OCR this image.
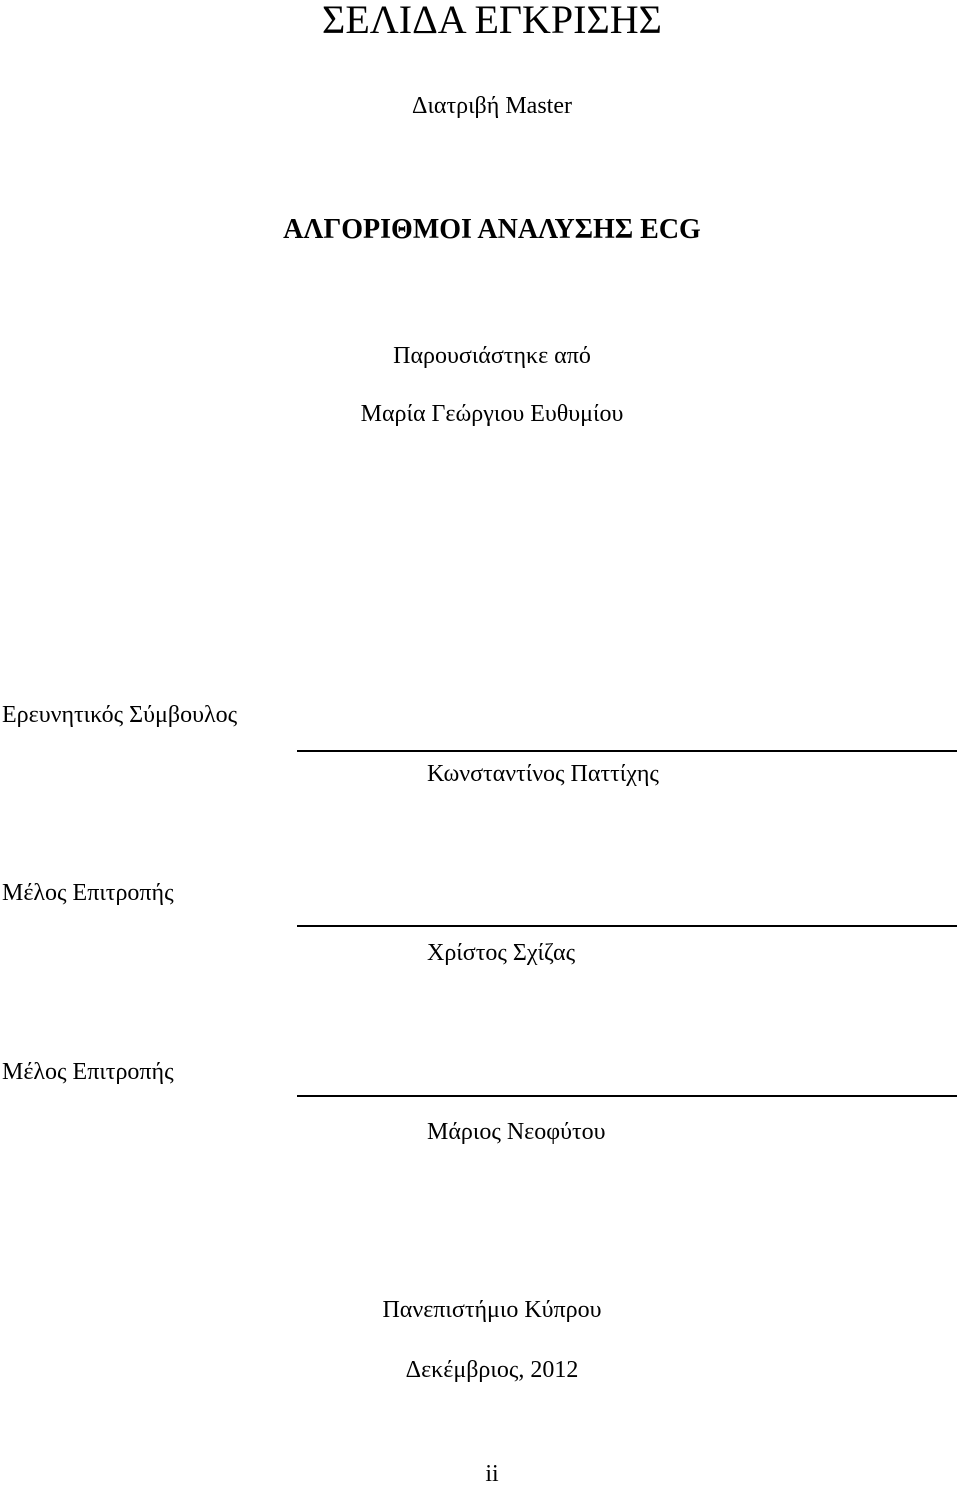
ΣΕΛΙΔΑ ΕΓΚΡΙΣΗΣ
Διατριβή Master
ΑΛΓΟΡΙΘΜΟΙ ΑΝΑΛΥΣΗΣ ECG
Παρουσιάστηκε από
Μαρία Γεώργιου Ευθυμίου
Ερευνητικός Σύμβουλος
Κωνσταντίνος Παττίχης
Μέλος Επιτροπής
Χρίστος Σχίζας
Μέλος Επιτροπής
Μάριος Νεοφύτου
Πανεπιστήμιο Κύπρου
Δεκέμβριος, 2012
ii
